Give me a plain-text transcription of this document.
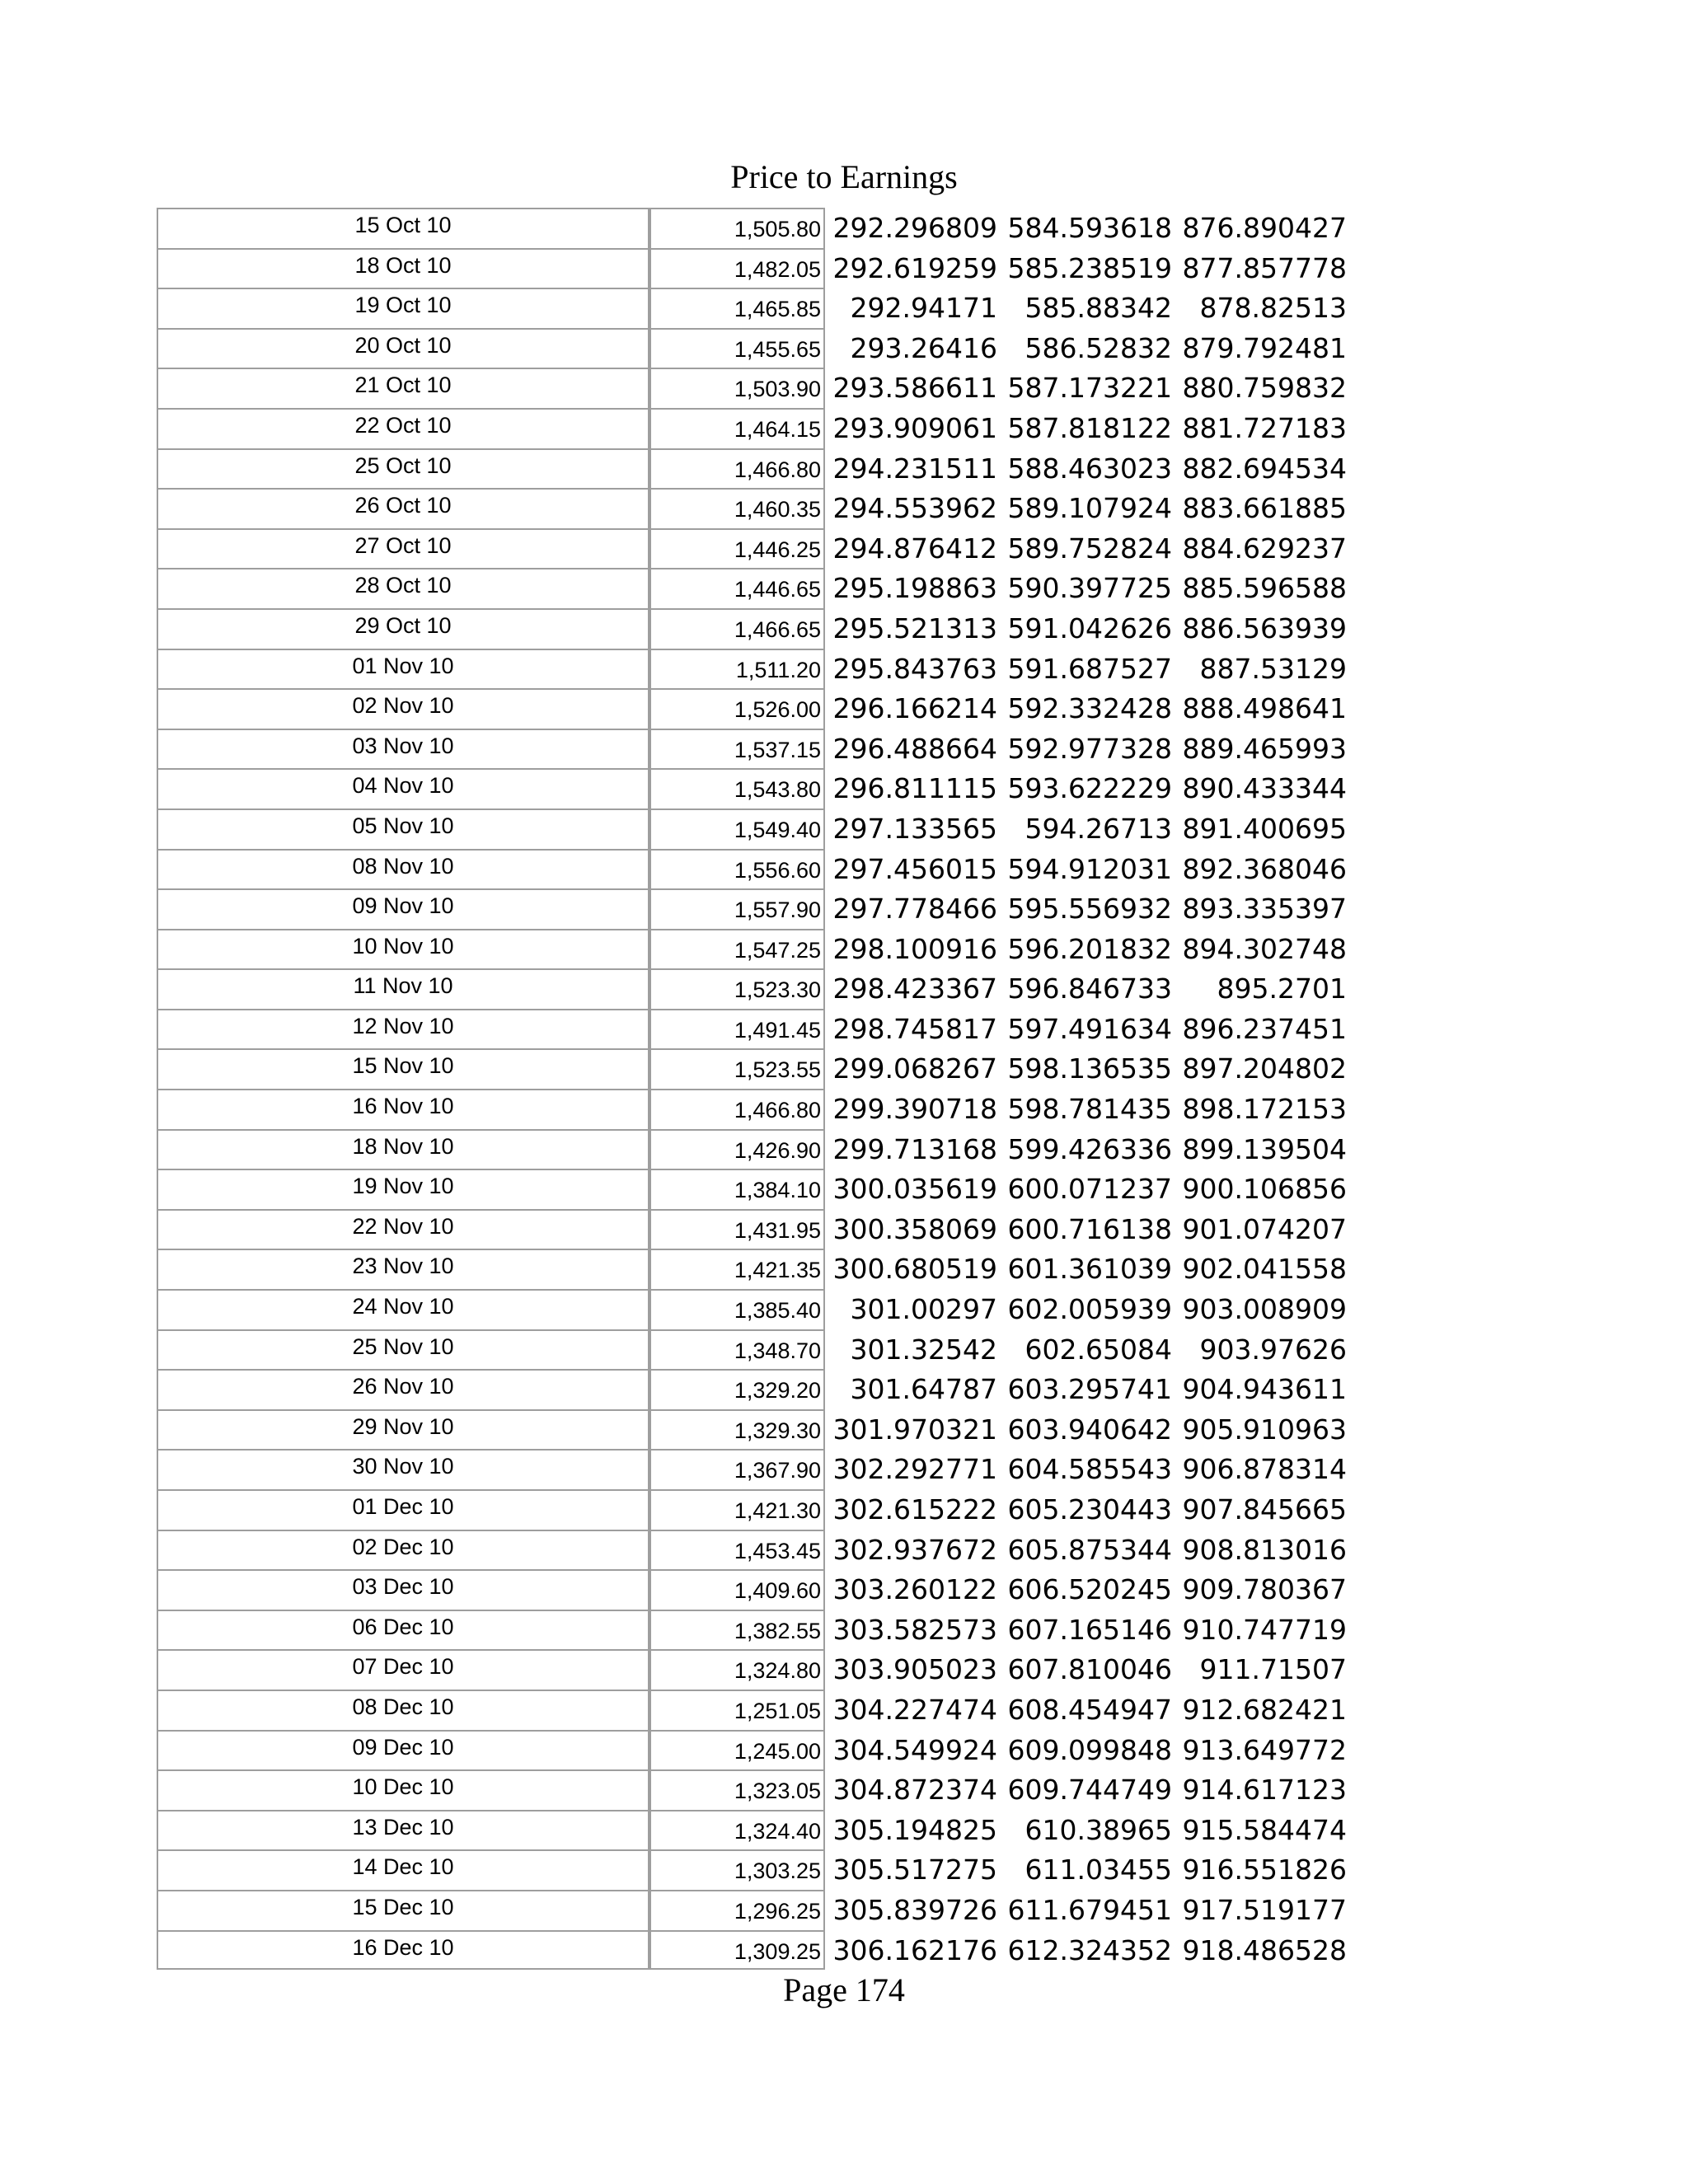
Price to Earnings
15 Oct 10	1,505.80 292.296809 584.593618 876.890427
18 Oct 10	1,482.05 292.619259 585.238519 877.857778
19 Oct 10	1,465.85	292.94171	585.88342	878.82513
20 Oct 10	1,455.65	293.26416	586.52832 879.792481
21 Oct 10	1,503.90 293.586611 587.173221 880.759832
22 Oct 10	1,464.15 293.909061 587.818122 881.727183
25 Oct 10	1,466.80 294.231511 588.463023 882.694534
26 Oct 10	1,460.35 294.553962 589.107924 883.661885
27 Oct 10	1,446.25 294.876412 589.752824 884.629237
28 Oct 10	1,446.65 295.198863 590.397725 885.596588
29 Oct 10	1,466.65 295.521313 591.042626 886.563939
01 Nov 10	1,511.20 295.843763 591.687527	887.53129
02 Nov 10	1,526.00 296.166214 592.332428 888.498641
03 Nov 10	1,537.15 296.488664 592.977328 889.465993
04 Nov 10	1,543.80 296.811115 593.622229 890.433344
05 Nov 10	1,549.40 297.133565	594.26713 891.400695
08 Nov 10	1,556.60 297.456015 594.912031 892.368046
09 Nov 10	1,557.90 297.778466 595.556932 893.335397
10 Nov 10	1,547.25 298.100916 596.201832 894.302748
11 Nov 10	1,523.30 298.423367 596.846733	895.2701
12 Nov 10	1,491.45 298.745817 597.491634 896.237451
15 Nov 10	1,523.55 299.068267 598.136535 897.204802
16 Nov 10	1,466.80 299.390718 598.781435 898.172153
18 Nov 10	1,426.90 299.713168 599.426336 899.139504
19 Nov 10	1,384.10 300.035619 600.071237 900.106856
22 Nov 10	1,431.95 300.358069 600.716138 901.074207
23 Nov 10	1,421.35 300.680519 601.361039 902.041558
24 Nov 10	1,385.40	301.00297 602.005939 903.008909
25 Nov 10	1,348.70	301.32542	602.65084	903.97626
26 Nov 10	1,329.20	301.64787 603.295741 904.943611
29 Nov 10	1,329.30 301.970321 603.940642 905.910963
30 Nov 10	1,367.90 302.292771 604.585543 906.878314
01 Dec 10	1,421.30 302.615222 605.230443 907.845665
02 Dec 10	1,453.45 302.937672 605.875344 908.813016
03 Dec 10	1,409.60 303.260122 606.520245 909.780367
06 Dec 10	1,382.55 303.582573 607.165146 910.747719
07 Dec 10	1,324.80 303.905023 607.810046	911.71507
08 Dec 10	1,251.05 304.227474 608.454947 912.682421
09 Dec 10	1,245.00 304.549924 609.099848 913.649772
10 Dec 10	1,323.05 304.872374 609.744749 914.617123
13 Dec 10	1,324.40 305.194825	610.38965 915.584474
14 Dec 10	1,303.25 305.517275	611.03455 916.551826
15 Dec 10	1,296.25 305.839726 611.679451 917.519177
16 Dec 10	1,309.25 306.162176 612.324352 918.486528
Page 174
